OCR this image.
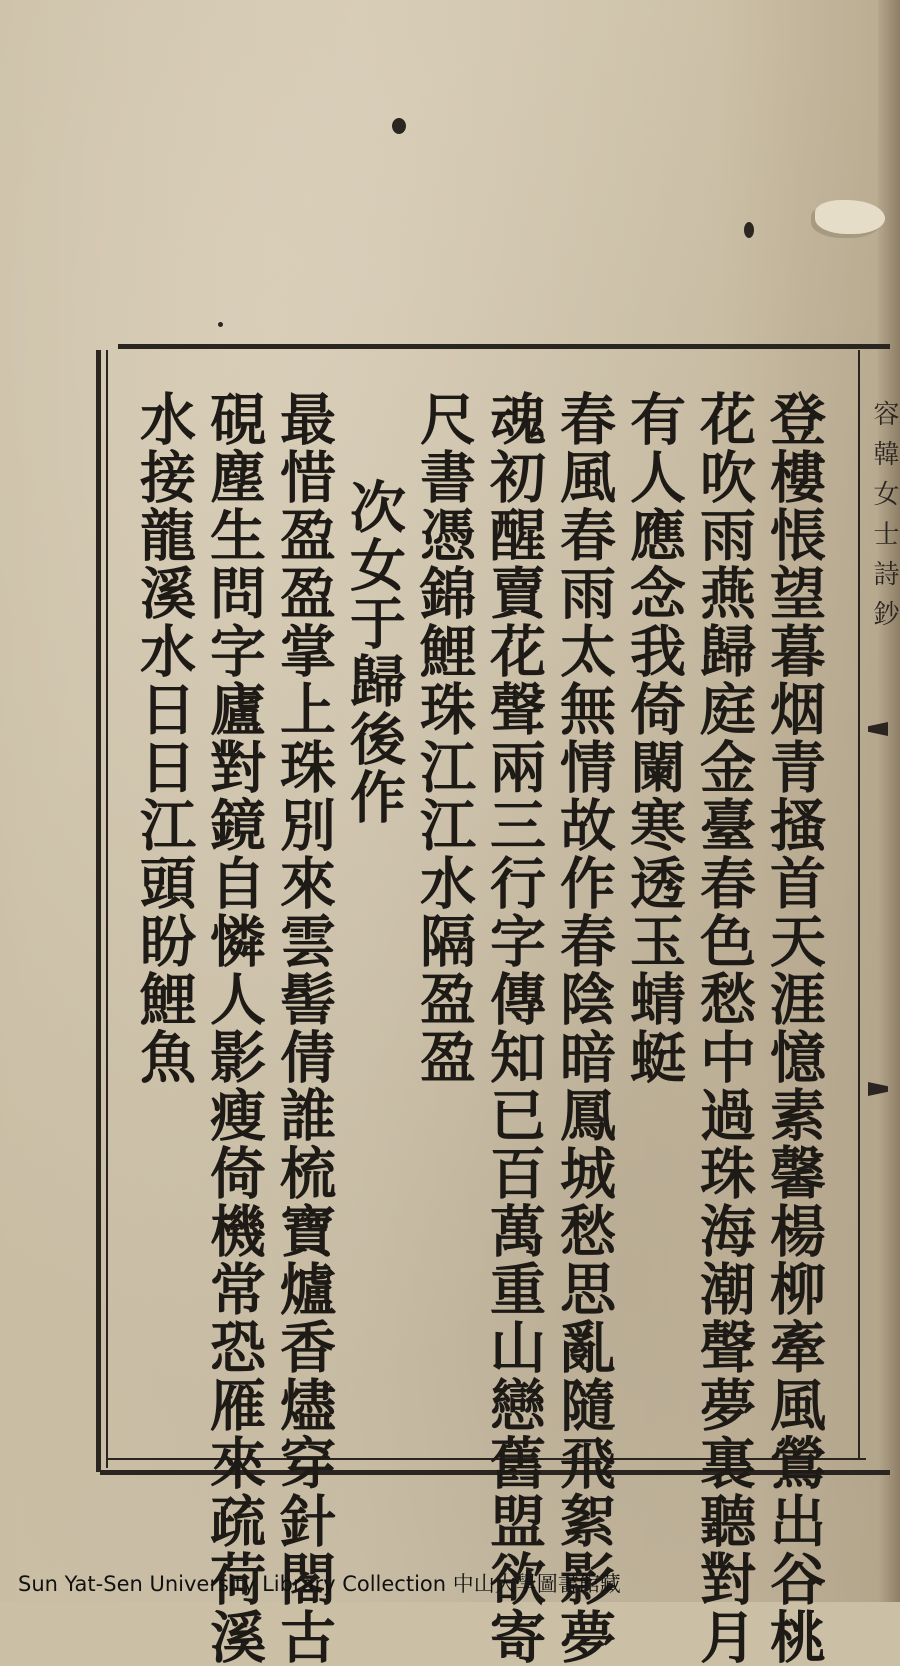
容韓女士詩鈔
登樓悵望暮烟青搔首天涯憶素馨楊柳牽風鶯出谷桃
花吹雨燕歸庭金臺春色愁中過珠海潮聲夢裏聽對月
有人應念我倚闌寒透玉蜻蜓
春風春雨太無情故作春陰暗鳳城愁思亂隨飛絮影夢
魂初醒賣花聲兩三行字傳知已百萬重山戀舊盟欲寄
尺書憑錦鯉珠江江水隔盈盈
次女于歸後作
最惜盈盈掌上珠別來雲髻倩誰梳寶爐香燼穿針閣古
硯塵生問字廬對鏡自憐人影瘦倚機常恐雁來疏荷溪
水接龍溪水日日江頭盼鯉魚
Sun Yat-Sen University Library Collection 中山大學圖書館藏
